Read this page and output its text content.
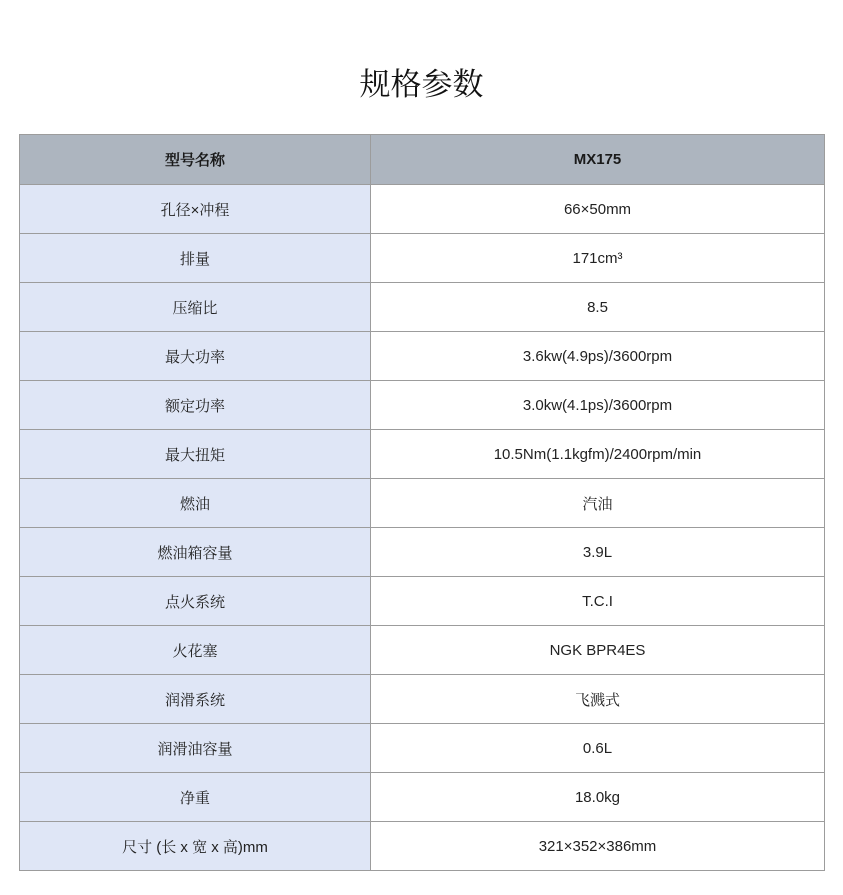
规格参数
型号名称	MX175
孔径×冲程	66×50mm
排量	171cm³
压缩比	8.5
最大功率	3.6kw(4.9ps)/3600rpm
额定功率	3.0kw(4.1ps)/3600rpm
最大扭矩	10.5Nm(1.1kgfm)/2400rpm/min
燃油	汽油
燃油箱容量	3.9L
点火系统	T.C.I
火花塞	NGK BPR4ES
润滑系统	飞溅式
润滑油容量	0.6L
净重	18.0kg
尺寸 (长 x 宽 x 高)mm	321×352×386mm
